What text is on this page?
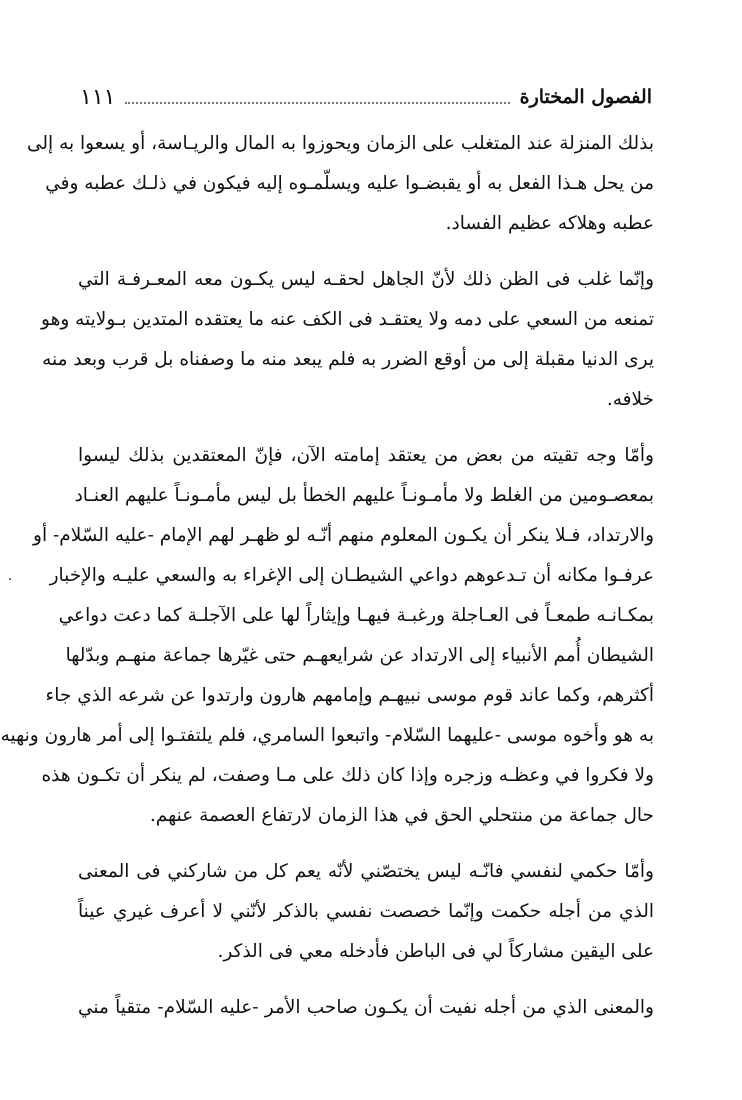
الفصول المختارة
١١١
بذلك المنزلة عند المتغلب على الزمان ويحوزوا به المال والريـاسة، أو يسعوا به إلى
من يحل هـذا الفعل به أو يقبضـوا عليه ويسلّمـوه إليه فيكون في ذلـك عطبه وفي
عطبه وهلاكه عظيم الفساد.
وإنّما غلب فى الظن ذلك لأنّ الجاهل لحقـه ليس يكـون معه المعـرفـة التي
تمنعه من السعي على دمه ولا يعتقـد فى الكف عنه ما يعتقده المتدين بـولايته وهو
يرى الدنيا مقبلة إلى من أوقع الضرر به فلم يبعد منه ما وصفناه بل قرب وبعد منه
خلافه.
وأمّا وجه تقيته من بعض من يعتقد إمامته الآن، فإنّ المعتقدين بذلك ليسوا
بمعصـومين من الغلط ولا مأمـونـاً عليهم الخطأ بل ليس مأمـونـاً عليهم العنـاد
والارتداد، فـلا ينكر أن يكـون المعلوم منهم أنّـه لو ظهـر لهم الإمام -عليه السّلام- أو
عرفـوا مكانه أن تـدعوهم دواعي الشيطـان إلى الإغراء به والسعي عليـه والإخبار
بمكـانـه طمعـاً فى العـاجلة ورغبـة فيهـا وإيثاراً لها على الآجلـة كما دعت دواعي
الشيطان أُمم الأنبياء إلى الارتداد عن شرايعهـم حتى غيّرها جماعة منهـم وبدّلها
أكثرهم، وكما عاند قوم موسى نبيهـم وإمامهم هارون وارتدوا عن شرعه الذي جاء
به هو وأخوه موسى -عليهما السّلام- واتبعوا السامري، فلم يلتفتـوا إلى أمر هارون ونهيه
ولا فكروا في وعظـه وزجره وإذا كان ذلك على مـا وصفت، لم ينكر أن تكـون هذه
حال جماعة من منتحلي الحق في هذا الزمان لارتفاع العصمة عنهم.
وأمّا حكمي لنفسي فانّـه ليس يختصّني لأنّه يعم كل من شاركني فى المعنى
الذي من أجله حكمت وإنّما خصصت نفسي بالذكر لأنّني لا أعرف غيري عيناً
على اليقين مشاركاً لي فى الباطن فأدخله معي فى الذكر.
والمعنى الذي من أجله نفيت أن يكـون صاحب الأمر -عليه السّلام- متقياً مني
